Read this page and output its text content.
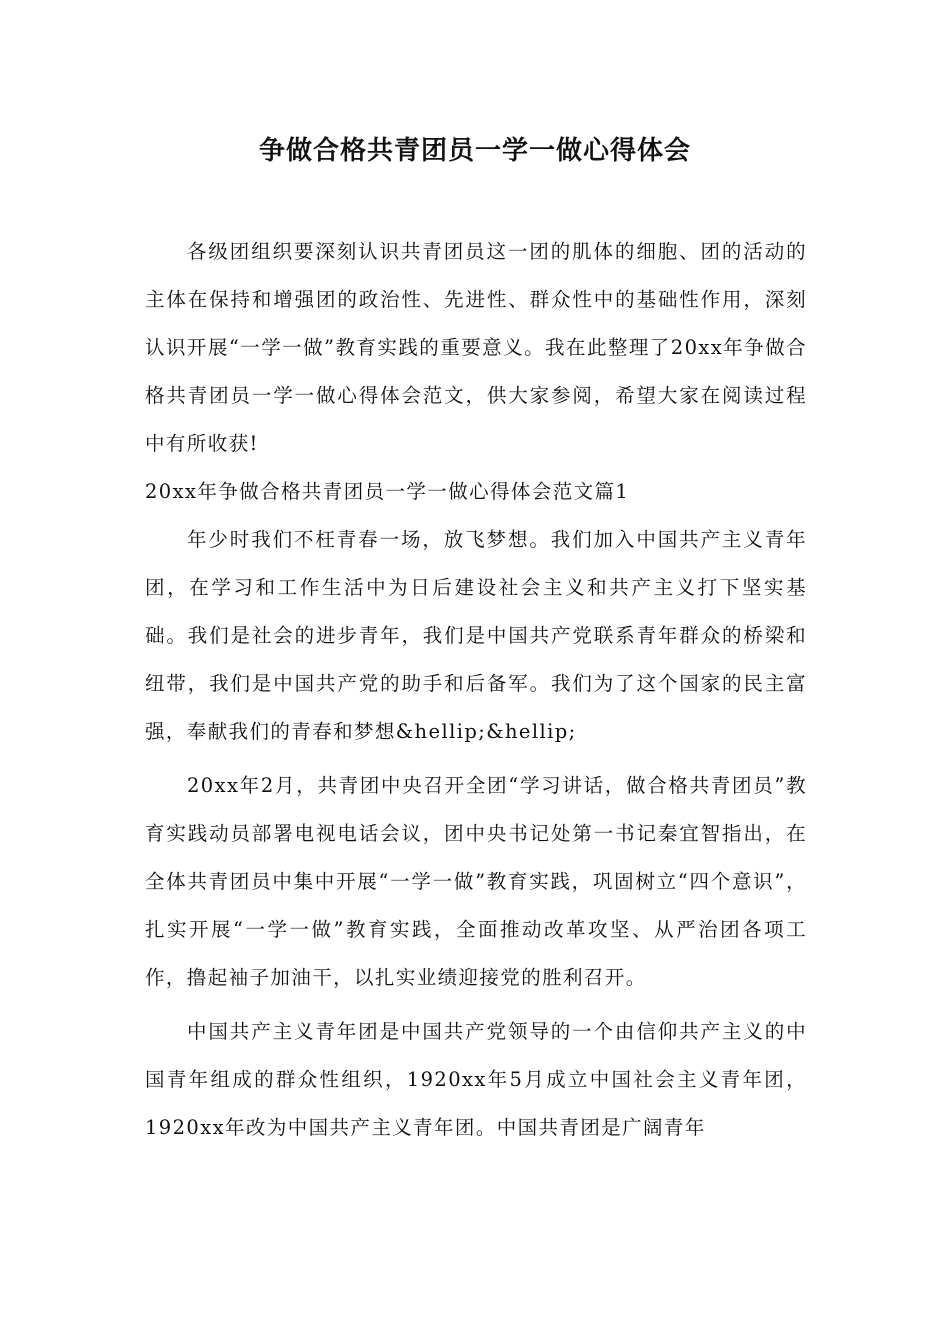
争做合格共青团员一学一做心得体会

各级团组织要深刻认识共青团员这一团的肌体的细胞、团的活动的主体在保持和增强团的政治性、先进性、群众性中的基础性作用，深刻认识开展“一学一做”教育实践的重要意义。我在此整理了20xx年争做合格共青团员一学一做心得体会范文，供大家参阅，希望大家在阅读过程中有所收获!

20xx年争做合格共青团员一学一做心得体会范文篇1

年少时我们不枉青春一场，放飞梦想。我们加入中国共产主义青年团，在学习和工作生活中为日后建设社会主义和共产主义打下坚实基础。我们是社会的进步青年，我们是中国共产党联系青年群众的桥梁和纽带，我们是中国共产党的助手和后备军。我们为了这个国家的民主富强，奉献我们的青春和梦想&hellip;&hellip;

20xx年2月，共青团中央召开全团“学习讲话，做合格共青团员”教育实践动员部署电视电话会议，团中央书记处第一书记秦宜智指出，在全体共青团员中集中开展“一学一做”教育实践，巩固树立“四个意识”，扎实开展“一学一做”教育实践，全面推动改革攻坚、从严治团各项工作，撸起袖子加油干，以扎实业绩迎接党的胜利召开。

中国共产主义青年团是中国共产党领导的一个由信仰共产主义的中国青年组成的群众性组织，1920xx年5月成立中国社会主义青年团，1920xx年改为中国共产主义青年团。中国共青团是广阔青年
